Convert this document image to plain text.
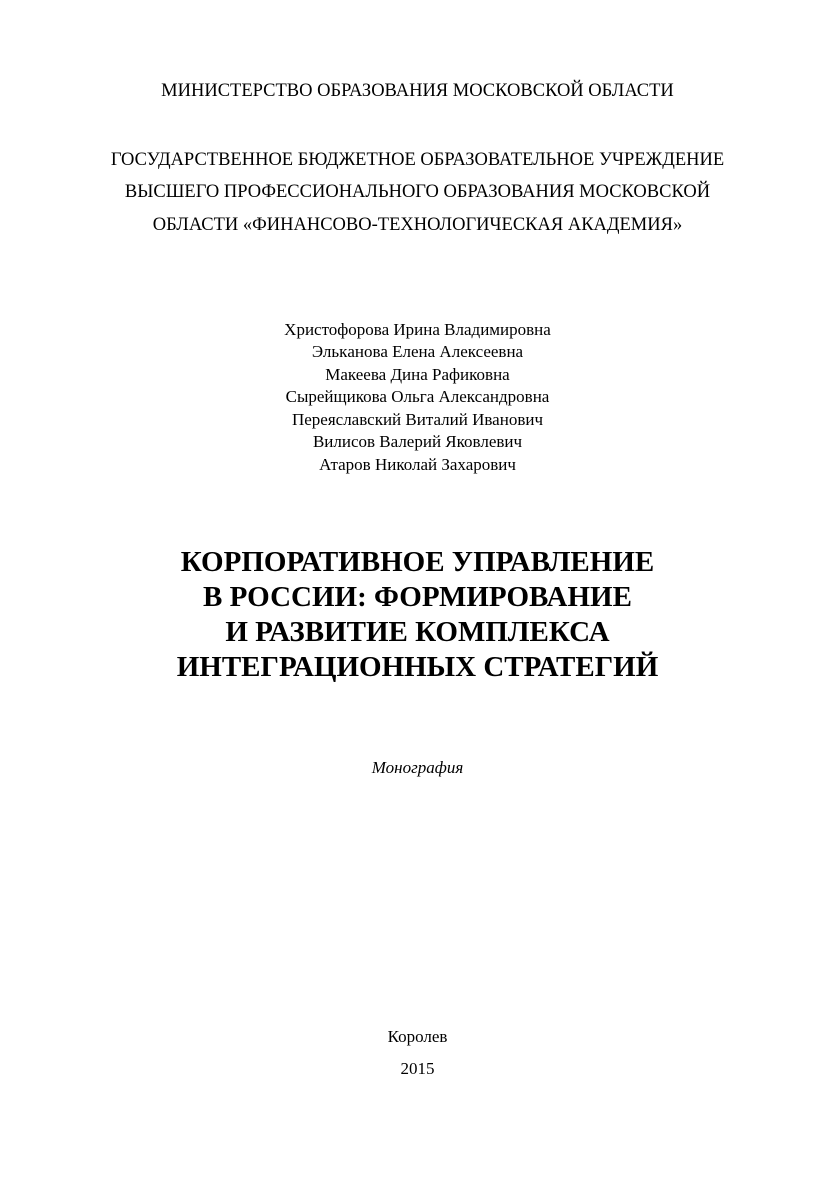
МИНИСТЕРСТВО ОБРАЗОВАНИЯ МОСКОВСКОЙ ОБЛАСТИ
ГОСУДАРСТВЕННОЕ БЮДЖЕТНОЕ ОБРАЗОВАТЕЛЬНОЕ УЧРЕЖДЕНИЕ
ВЫСШЕГО ПРОФЕССИОНАЛЬНОГО ОБРАЗОВАНИЯ МОСКОВСКОЙ
ОБЛАСТИ «ФИНАНСОВО-ТЕХНОЛОГИЧЕСКАЯ АКАДЕМИЯ»
Христофорова Ирина Владимировна
Элькaнова Елена Алексеевна
Макеева Дина Рафиковна
Сырейщикова Ольга Александровна
Переяславский Виталий Иванович
Вилисов Валерий Яковлевич
Атаров Николай Захарович
КОРПОРАТИВНОЕ УПРАВЛЕНИЕ
В РОССИИ: ФОРМИРОВАНИЕ
И РАЗВИТИЕ КОМПЛЕКСА
ИНТЕГРАЦИОННЫХ СТРАТЕГИЙ
Монография
Королев
2015
